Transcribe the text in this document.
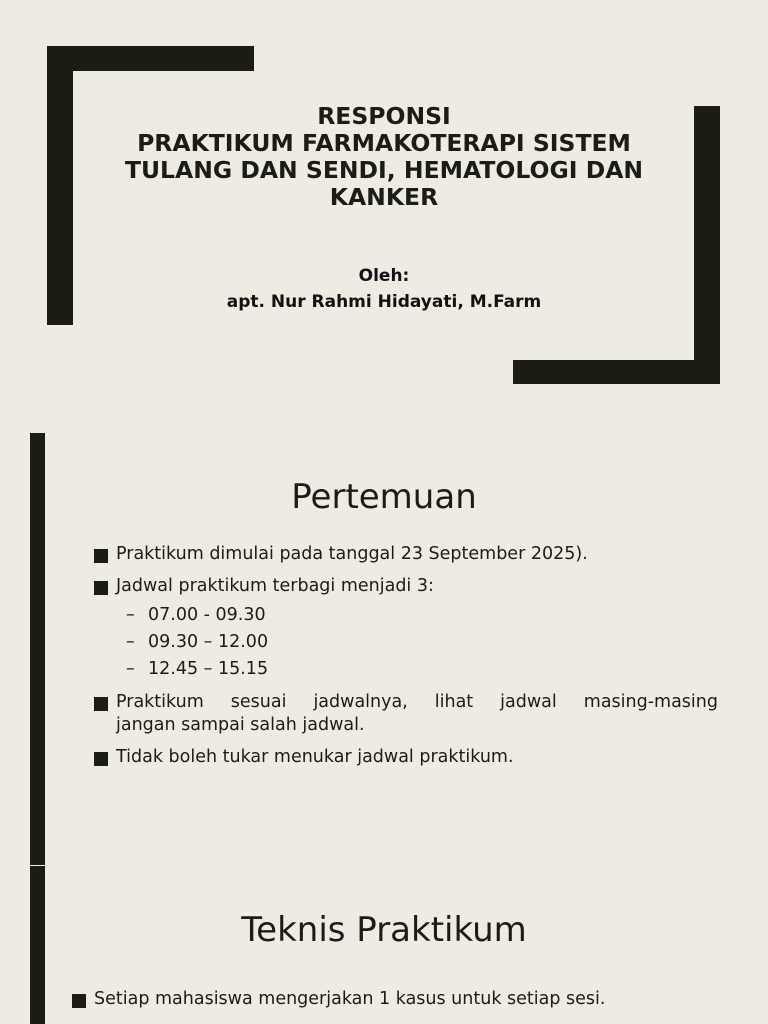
RESPONSI
PRAKTIKUM FARMAKOTERAPI SISTEM
TULANG DAN SENDI, HEMATOLOGI DAN
KANKER
Oleh:
apt. Nur Rahmi Hidayati, M.Farm
Pertemuan
Praktikum dimulai pada tanggal 23 September 2025).
Jadwal praktikum terbagi menjadi 3:
– 07.00 - 09.30
– 09.30 – 12.00
– 12.45 – 15.15
Praktikum sesuai jadwalnya, lihat jadwal masing-masing
jangan sampai salah jadwal.
Tidak boleh tukar menukar jadwal praktikum.
Teknis Praktikum
Setiap mahasiswa mengerjakan 1 kasus untuk setiap sesi.
